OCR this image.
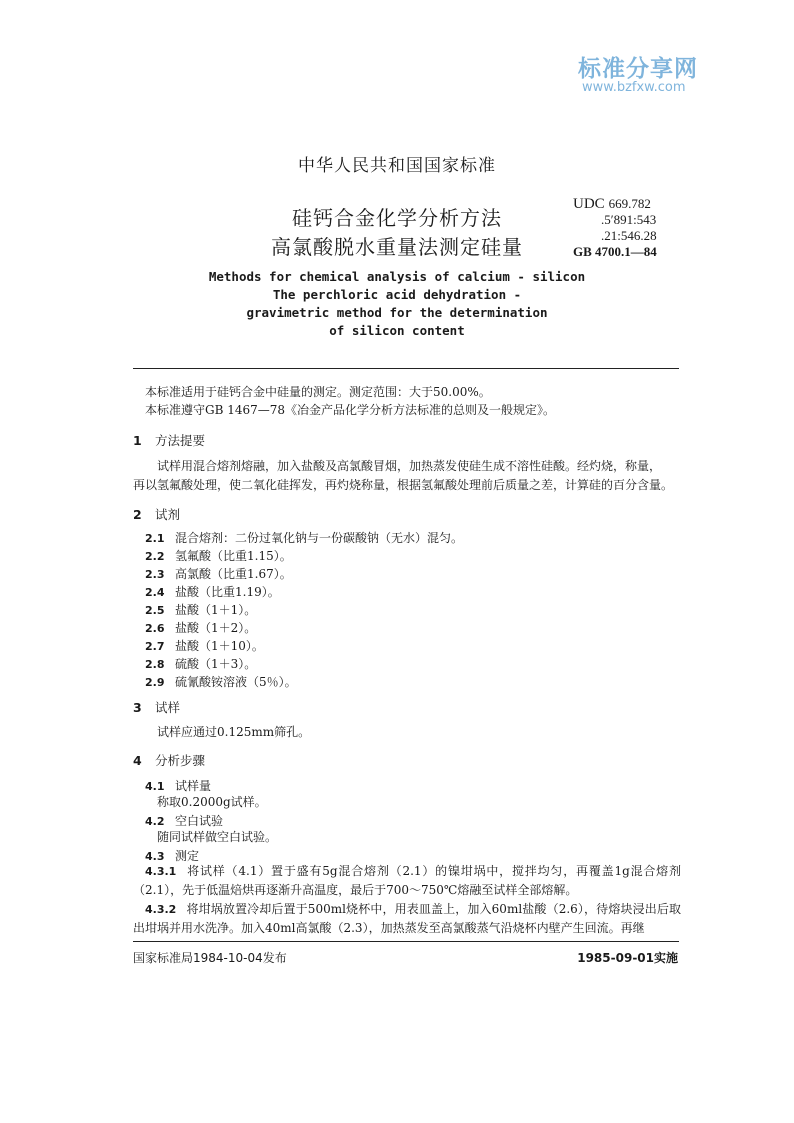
标准分享网
www.bzfxw.com
中华人民共和国国家标准
硅钙合金化学分析方法
高氯酸脱水重量法测定硅量
UDC 669.782
.5′891:543
.21:546.28
GB 4700.1—84
Methods for chemical analysis of calcium - silicon
The perchloric acid dehydration -
gravimetric method for the determination
of silicon content
本标准适用于硅钙合金中硅量的测定。测定范围：大于50.00%。
本标准遵守GB 1467—78《冶金产品化学分析方法标准的总则及一般规定》。
1 方法提要
试样用混合熔剂熔融，加入盐酸及高氯酸冒烟，加热蒸发使硅生成不溶性硅酸。经灼烧，称量，
再以氢氟酸处理，使二氧化硅挥发，再灼烧称量，根据氢氟酸处理前后质量之差，计算硅的百分含量。
2 试剂
2.1 混合熔剂：二份过氧化钠与一份碳酸钠（无水）混匀。
2.2 氢氟酸（比重1.15）。
2.3 高氯酸（比重1.67）。
2.4 盐酸（比重1.19）。
2.5 盐酸（1＋1）。
2.6 盐酸（1＋2）。
2.7 盐酸（1＋10）。
2.8 硫酸（1＋3）。
2.9 硫氰酸铵溶液（5％）。
3 试样
试样应通过0.125mm筛孔。
4 分析步骤
4.1 试样量
称取0.2000g试样。
4.2 空白试验
随同试样做空白试验。
4.3 测定
4.3.1 将试样（4.1）置于盛有5g混合熔剂（2.1）的镍坩埚中，搅拌均匀，再覆盖1g混合熔剂（2.1），先于低温焙烘再逐渐升高温度，最后于700～750℃熔融至试样全部熔解。
4.3.2 将坩埚放置冷却后置于500ml烧杯中，用表皿盖上，加入60ml盐酸（2.6），待熔块浸出后取出坩埚并用水洗净。加入40ml高氯酸（2.3），加热蒸发至高氯酸蒸气沿烧杯内壁产生回流。再继
国家标准局1984-10-04发布	1985-09-01实施
